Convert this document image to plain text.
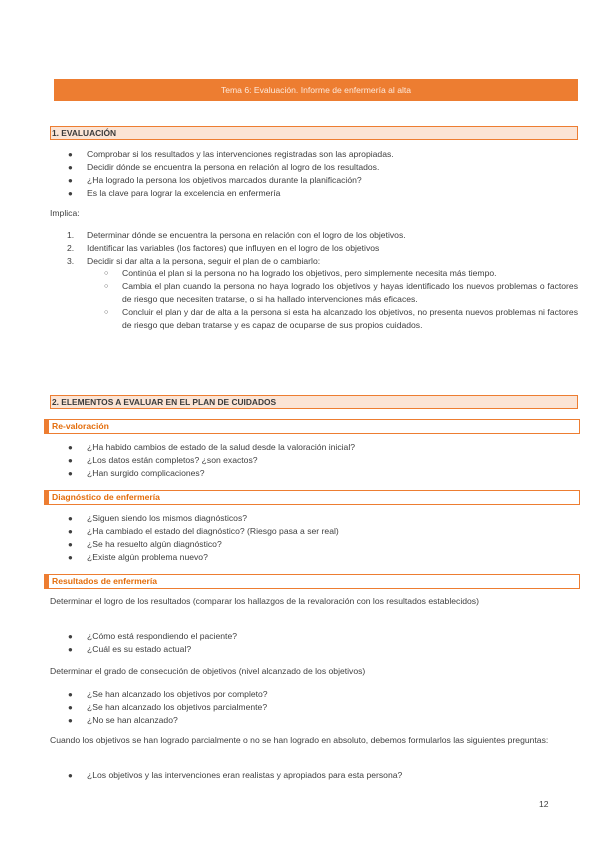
Tema 6: Evaluación. Informe de enfermería al alta
1. EVALUACIÓN
● Comprobar si los resultados y las intervenciones registradas son las apropiadas.
● Decidir dónde se encuentra la persona en relación al logro de los resultados.
● ¿Ha logrado la persona los objetivos marcados durante la planificación?
● Es la clave para lograr la excelencia en enfermería
Implica:
1. Determinar dónde se encuentra la persona en relación con el logro de los objetivos.
2. Identificar las variables (los factores) que influyen en el logro de los objetivos
3. Decidir si dar alta a la persona, seguir el plan de o cambiarlo:
○ Continúa el plan si la persona no ha logrado los objetivos, pero simplemente necesita más tiempo.
○ Cambia el plan cuando la persona no haya logrado los objetivos y hayas identificado los nuevos problemas o factores de riesgo que necesiten tratarse, o si ha hallado intervenciones más eficaces.
○ Concluir el plan y dar de alta a la persona si esta ha alcanzado los objetivos, no presenta nuevos problemas ni factores de riesgo que deban tratarse y es capaz de ocuparse de sus propios cuidados.
2. ELEMENTOS A EVALUAR EN EL PLAN DE CUIDADOS
Re-valoración
● ¿Ha habido cambios de estado de la salud desde la valoración inicial?
● ¿Los datos están completos? ¿son exactos?
● ¿Han surgido complicaciones?
Diagnóstico de enfermería
● ¿Siguen siendo los mismos diagnósticos?
● ¿Ha cambiado el estado del diagnóstico? (Riesgo pasa a ser real)
● ¿Se ha resuelto algún diagnóstico?
● ¿Existe algún problema nuevo?
Resultados de enfermería
Determinar el logro de los resultados (comparar los hallazgos de la revaloración con los resultados establecidos)
● ¿Cómo está respondiendo el paciente?
● ¿Cuál es su estado actual?
Determinar el grado de consecución de objetivos (nivel alcanzado de los objetivos)
● ¿Se han alcanzado los objetivos por completo?
● ¿Se han alcanzado los objetivos parcialmente?
● ¿No se han alcanzado?
Cuando los objetivos se han logrado parcialmente o no se han logrado en absoluto, debemos formularlos las siguientes preguntas:
● ¿Los objetivos y las intervenciones eran realistas y apropiados para esta persona?
12
